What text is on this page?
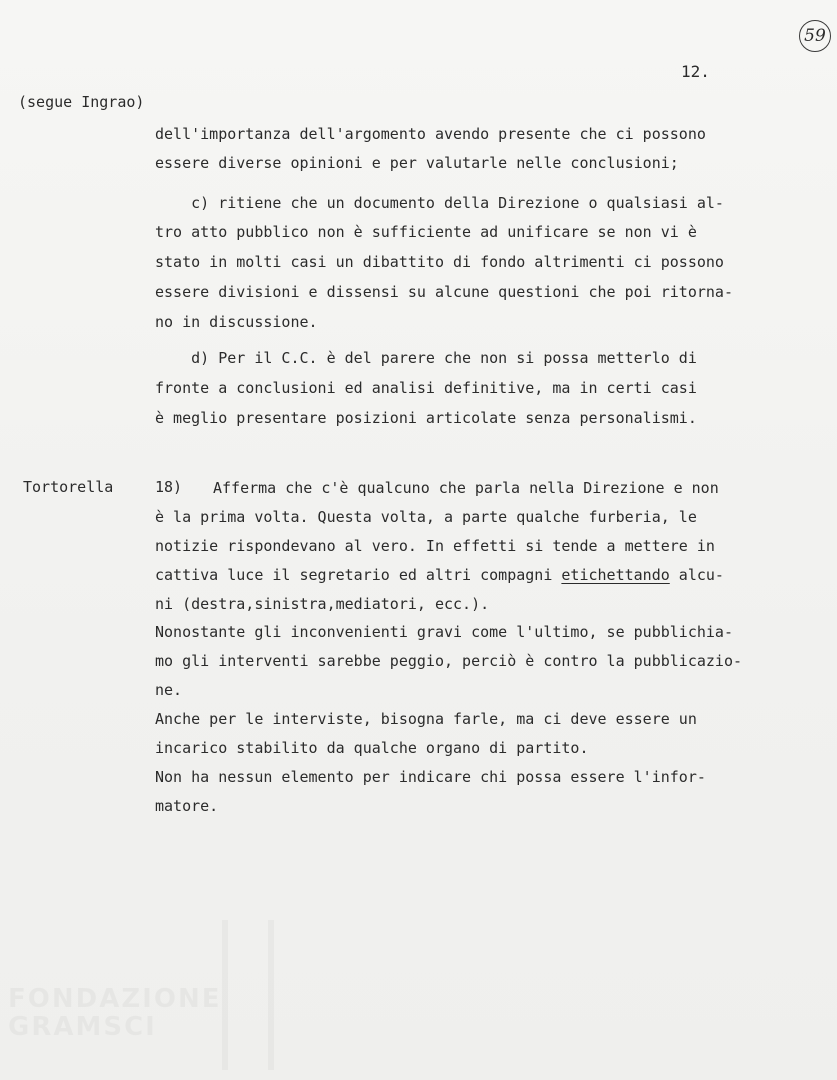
59
12.
(segue Ingrao)
dell'importanza dell'argomento avendo presente che ci possono
essere diverse opinioni e per valutarle nelle conclusioni;
c) ritiene che un documento della Direzione o qualsiasi al-
tro atto pubblico non è sufficiente ad unificare se non vi è
stato in molti casi un dibattito di fondo altrimenti ci possono
essere divisioni e dissensi su alcune questioni che poi ritorna-
no in discussione.
d) Per il C.C. è del parere che non si possa metterlo di
fronte a conclusioni ed analisi definitive, ma in certi casi
è meglio presentare posizioni articolate senza personalismi.
Tortorella	18) Afferma che c'è qualcuno che parla nella Direzione e non
è la prima volta. Questa volta, a parte qualche furberia, le
notizie rispondevano al vero. In effetti si tende a mettere in
cattiva luce il segretario ed altri compagni etichettando alcu-
ni (destra,sinistra,mediatori, ecc.).
Nonostante gli inconvenienti gravi come l'ultimo, se pubblichia-
mo gli interventi sarebbe peggio, perciò è contro la pubblicazio-
ne.
Anche per le interviste, bisogna farle, ma ci deve essere un
incarico stabilito da qualche organo di partito.
Non ha nessun elemento per indicare chi possa essere l'infor-
matore.
